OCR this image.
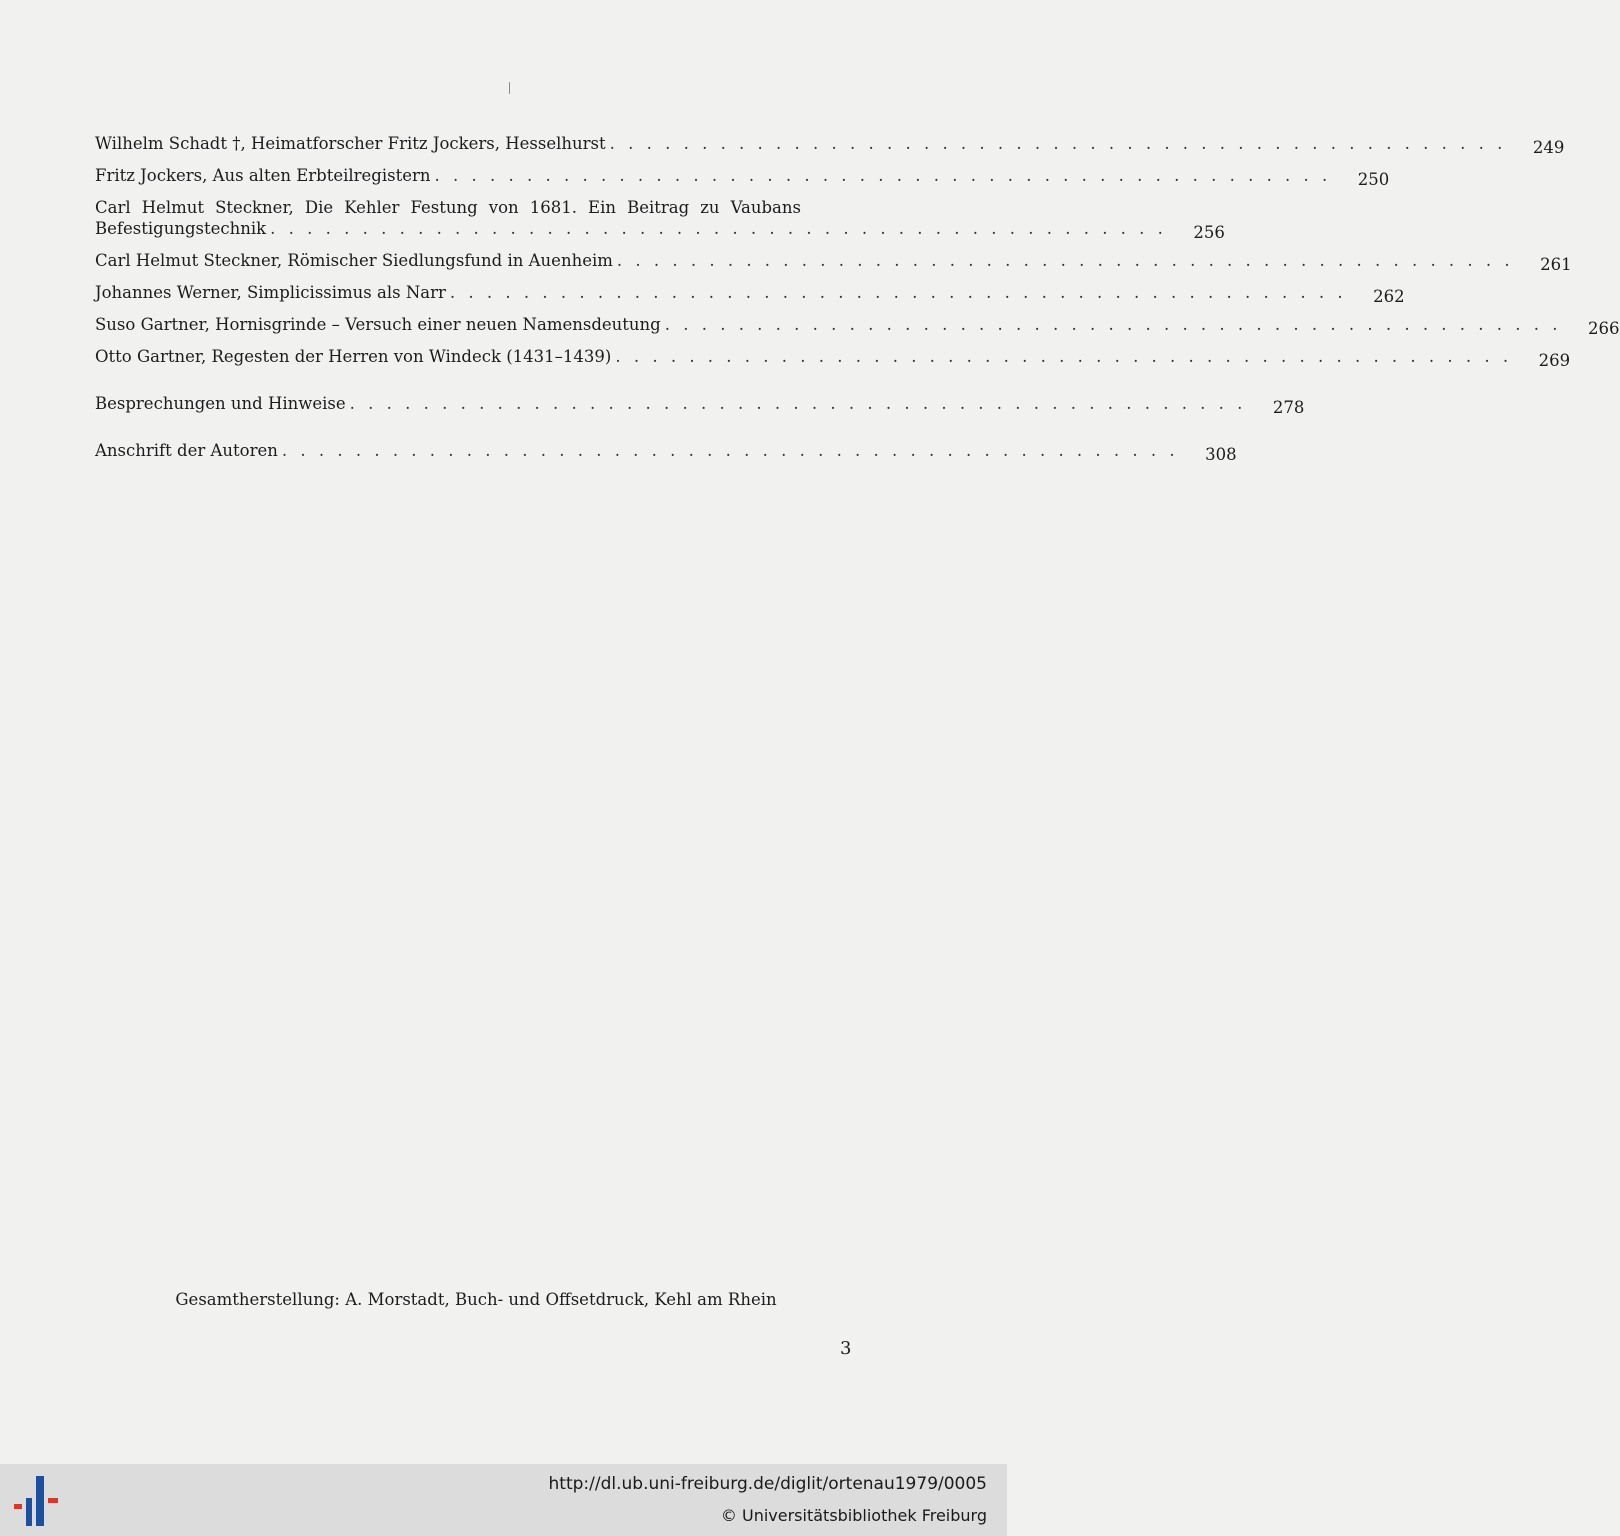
Wilhelm Schadt †, Heimatforscher Fritz Jockers, Hesselhurst . . . . . . . . . . . . . . . . . . . . . . . . . . . . . . . . . . . . . . . . . . . . . . . . .	249
Fritz Jockers, Aus alten Erbteilregistern . . . . . . . . . . . . . . . . . . . . . . . . . . . . . . . . . . . . . . . . . . . . . . . . .	250
Carl Helmut Steckner, Die Kehler Festung von 1681. Ein Beitrag zu Vaubans
Befestigungstechnik . . . . . . . . . . . . . . . . . . . . . . . . . . . . . . . . . . . . . . . . . . . . . . . . .	256
Carl Helmut Steckner, Römischer Siedlungsfund in Auenheim . . . . . . . . . . . . . . . . . . . . . . . . . . . . . . . . . . . . . . . . . . . . . . . . .	261
Johannes Werner, Simplicissimus als Narr . . . . . . . . . . . . . . . . . . . . . . . . . . . . . . . . . . . . . . . . . . . . . . . . .	262
Suso Gartner, Hornisgrinde – Versuch einer neuen Namensdeutung . . . . . . . . . . . . . . . . . . . . . . . . . . . . . . . . . . . . . . . . . . . . . . . . .	266
Otto Gartner, Regesten der Herren von Windeck (1431–1439) . . . . . . . . . . . . . . . . . . . . . . . . . . . . . . . . . . . . . . . . . . . . . . . . .	269
Besprechungen und Hinweise . . . . . . . . . . . . . . . . . . . . . . . . . . . . . . . . . . . . . . . . . . . . . . . . .	278
Anschrift der Autoren . . . . . . . . . . . . . . . . . . . . . . . . . . . . . . . . . . . . . . . . . . . . . . . . .	308
Gesamtherstellung: A. Morstadt, Buch- und Offsetdruck, Kehl am Rhein
3
http://dl.ub.uni-freiburg.de/diglit/ortenau1979/0005
© Universitätsbibliothek Freiburg
